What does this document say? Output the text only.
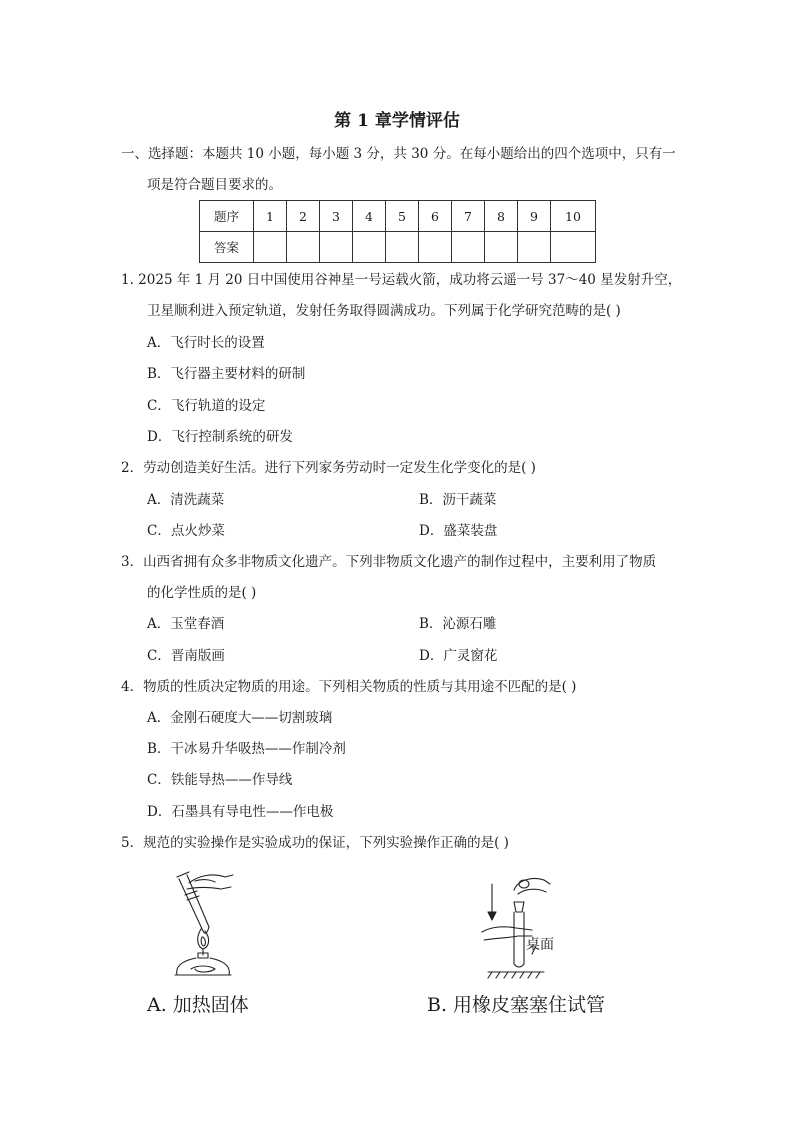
第 1 章学情评估
一、选择题：本题共 10 小题，每小题 3 分，共 30 分。在每小题给出的四个选项中，只有一
项是符合题目要求的。
题序	1	2	3	4	5	6	7	8	9	10
答案										
1. 2025 年 1 月 20 日中国使用谷神星一号运载火箭，成功将云遥一号 37～40 星发射升空，
卫星顺利进入预定轨道，发射任务取得圆满成功。下列属于化学研究范畴的是( )
A．飞行时长的设置
B．飞行器主要材料的研制
C．飞行轨道的设定
D．飞行控制系统的研发
2．劳动创造美好生活。进行下列家务劳动时一定发生化学变化的是( )
A．清洗蔬菜	B．沥干蔬菜
C．点火炒菜	D．盛菜装盘
3．山西省拥有众多非物质文化遗产。下列非物质文化遗产的制作过程中，主要利用了物质
的化学性质的是( )
A．玉堂春酒	B．沁源石雕
C．晋南版画	D．广灵窗花
4．物质的性质决定物质的用途。下列相关物质的性质与其用途不匹配的是( )
A．金刚石硬度大——切割玻璃
B．干冰易升华吸热——作制冷剂
C．铁能导热——作导线
D．石墨具有导电性——作电极
5．规范的实验操作是实验成功的保证，下列实验操作正确的是( )
A. 加热固体
桌面
B. 用橡皮塞塞住试管
